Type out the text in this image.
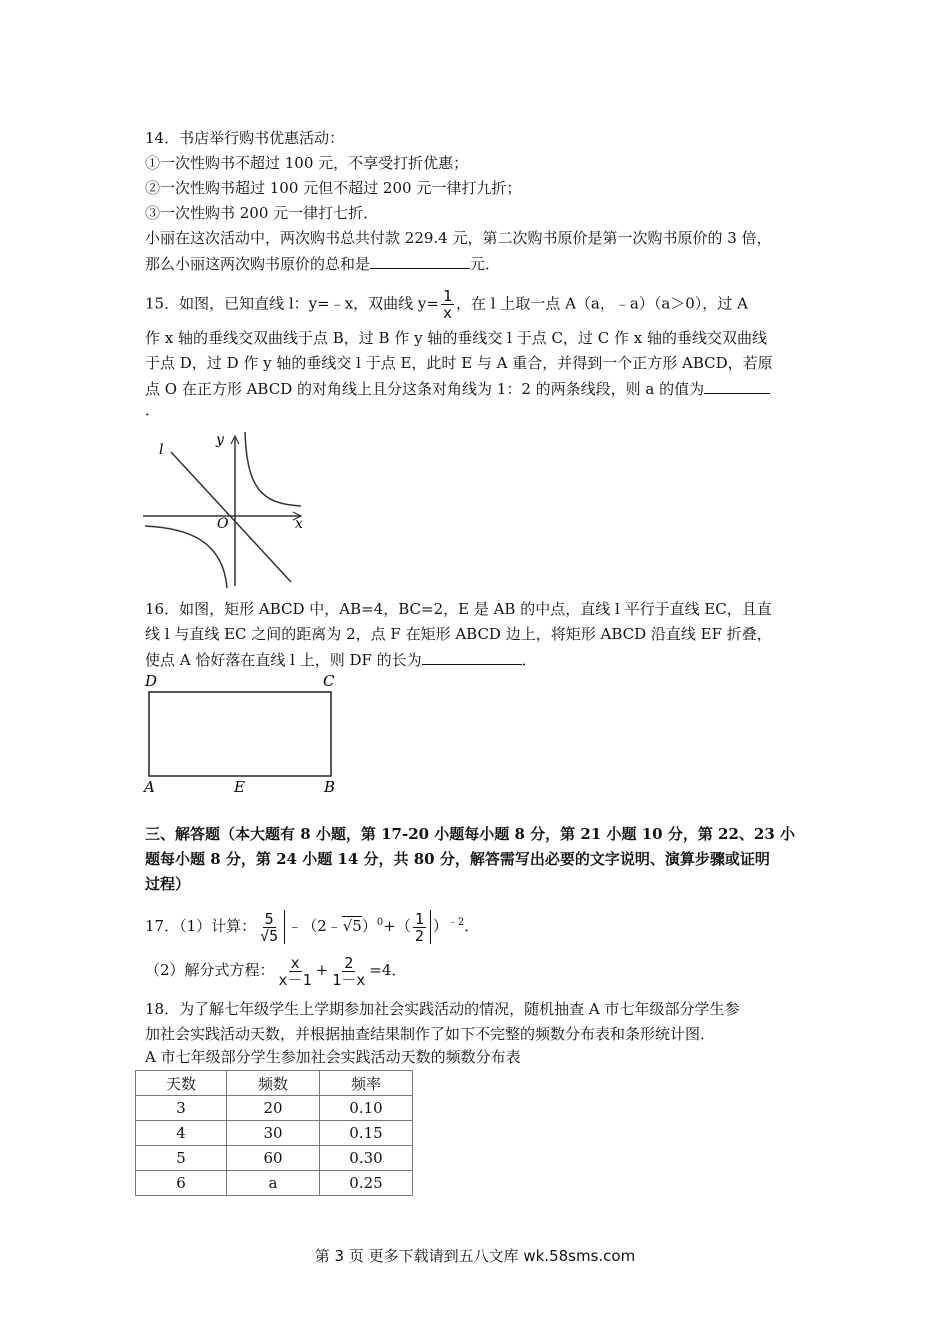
14．书店举行购书优惠活动：
①一次性购书不超过 100 元，不享受打折优惠；
②一次性购书超过 100 元但不超过 200 元一律打九折；
③一次性购书 200 元一律打七折．
小丽在这次活动中，两次购书总共付款 229.4 元，第二次购书原价是第一次购书原价的 3 倍，
那么小丽这两次购书原价的总和是	元．
15．如图，已知直线 l：y=﹣x，双曲线 $y= \frac{1}{x}$ ，在 l 上取一点 A（a，﹣a）（a＞0），过 A
作 x 轴的垂线交双曲线于点 B，过 B 作 y 轴的垂线交 l 于点 C，过 C 作 x 轴的垂线交双曲线
于点 D，过 D 作 y 轴的垂线交 l 于点 E，此时 E 与 A 重合，并得到一个正方形 ABCD，若原
点 O 在正方形 ABCD 的对角线上且分这条对角线为 1：2 的两条线段，则 a 的值为
．
l
y
O	x
16．如图，矩形 ABCD 中，AB=4，BC=2，E 是 AB 的中点，直线 l 平行于直线 EC，且直
线 l 与直线 EC 之间的距离为 2，点 F 在矩形 ABCD 边上，将矩形 ABCD 沿直线 EF 折叠，
使点 A 恰好落在直线 l 上，则 DF 的长为	．
D	C
A	E	B
三、解答题（本大题有 8 小题，第 17-20 小题每小题 8 分，第 21 小题 10 分，第 22、23 小
题每小题 8 分，第 24 小题 14 分，共 80 分，解答需写出必要的文字说明、演算步骤或证明
过程）
17．（1）计算： $\frac{5}{√5}$ ﹣（2﹣√5）$^0$+（ $\frac{1}{2} )^{﹣2}$．
（2）解分式方程： $\frac{x}{x-1} + \frac{2}{1-x} =4$．
18．为了解七年级学生上学期参加社会实践活动的情况，随机抽查 A 市七年级部分学生参
加社会实践活动天数，并根据抽查结果制作了如下不完整的频数分布表和条形统计图．
A 市七年级部分学生参加社会实践活动天数的频数分布表
天数	频数	频率
3	20	0.10
4	30	0.15
5	60	0.30
6	a	0.25
第 3 页 更多下载请到五八文库 wk.58sms.com
